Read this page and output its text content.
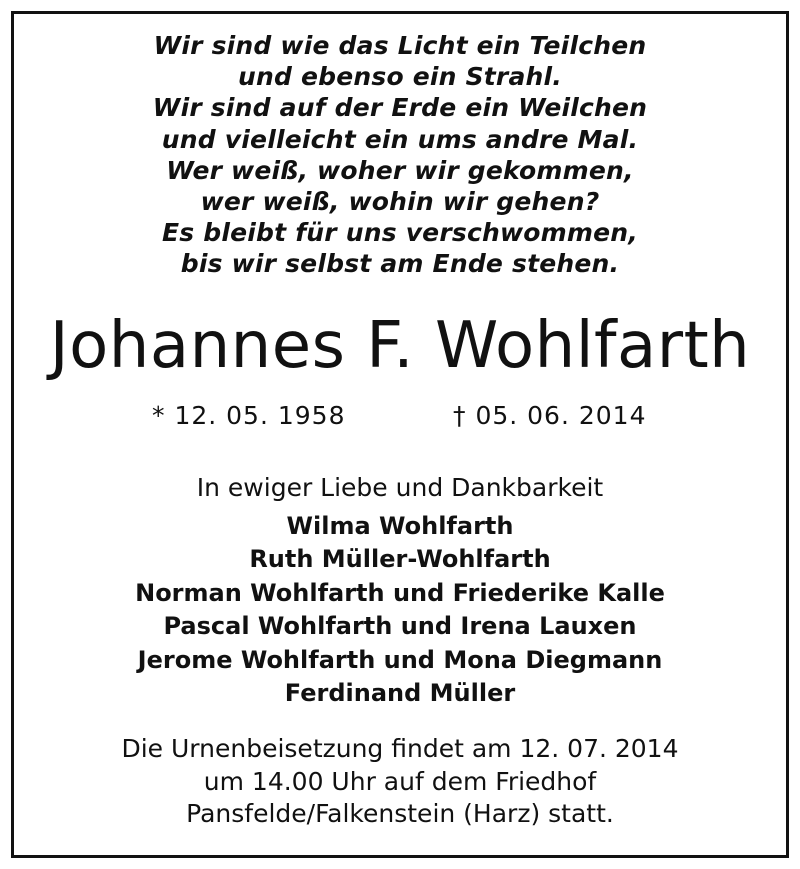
Wir sind wie das Licht ein Teilchen
und ebenso ein Strahl.
Wir sind auf der Erde ein Weilchen
und vielleicht ein ums andre Mal.
Wer weiß, woher wir gekommen,
wer weiß, wohin wir gehen?
Es bleibt für uns verschwommen,
bis wir selbst am Ende stehen.
Johannes F. Wohlfarth
* 12. 05. 1958	† 05. 06. 2014
In ewiger Liebe und Dankbarkeit
Wilma Wohlfarth
Ruth Müller-Wohlfarth
Norman Wohlfarth und Friederike Kalle
Pascal Wohlfarth und Irena Lauxen
Jerome Wohlfarth und Mona Diegmann
Ferdinand Müller
Die Urnenbeisetzung findet am 12. 07. 2014
um 14.00 Uhr auf dem Friedhof
Pansfelde/Falkenstein (Harz) statt.
